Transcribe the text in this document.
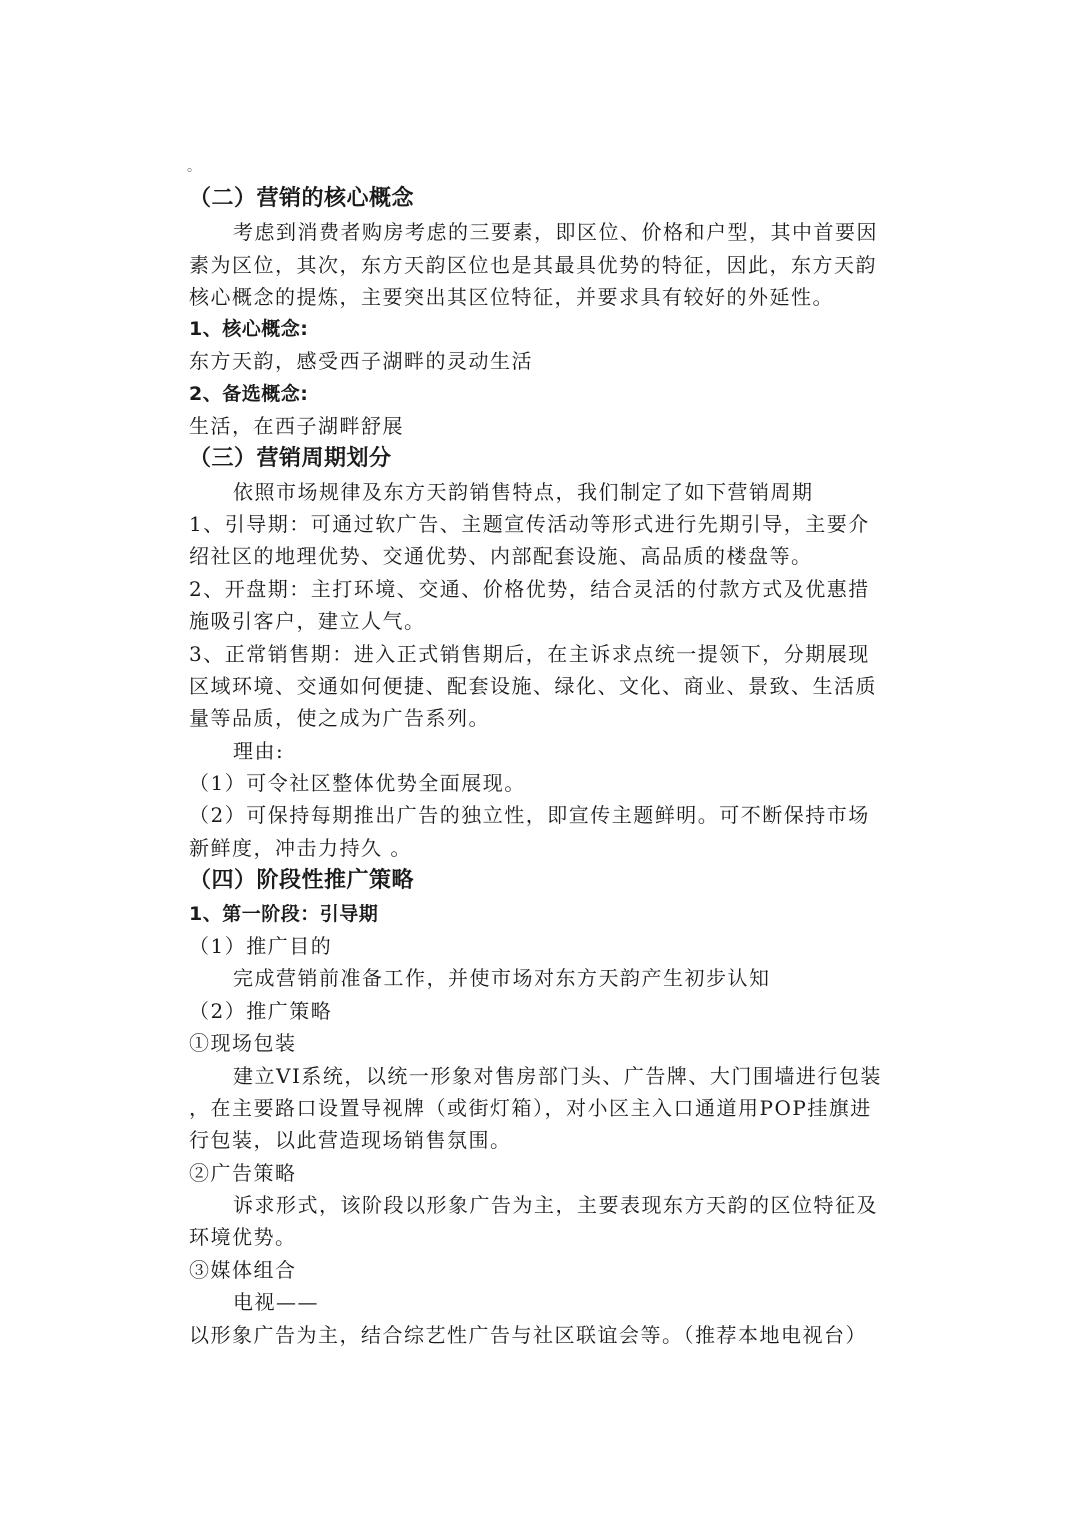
。
（二）营销的核心概念
考虑到消费者购房考虑的三要素，即区位、价格和户型，其中首要因
素为区位，其次，东方天韵区位也是其最具优势的特征，因此，东方天韵
核心概念的提炼，主要突出其区位特征，并要求具有较好的外延性。
1、核心概念:
东方天韵，感受西子湖畔的灵动生活
2、备选概念:
生活，在西子湖畔舒展
（三）营销周期划分
依照市场规律及东方天韵销售特点，我们制定了如下营销周期
1、引导期：可通过软广告、主题宣传活动等形式进行先期引导，主要介
绍社区的地理优势、交通优势、内部配套设施、高品质的楼盘等。
2、开盘期：主打环境、交通、价格优势，结合灵活的付款方式及优惠措
施吸引客户，建立人气。
3、正常销售期：进入正式销售期后，在主诉求点统一提领下，分期展现
区域环境、交通如何便捷、配套设施、绿化、文化、商业、景致、生活质
量等品质，使之成为广告系列。
理由:
（1）可令社区整体优势全面展现。
（2）可保持每期推出广告的独立性，即宣传主题鲜明。可不断保持市场
新鲜度，冲击力持久 。
（四）阶段性推广策略
1、第一阶段：引导期
（1）推广目的
完成营销前准备工作，并使市场对东方天韵产生初步认知
（2）推广策略
①现场包装
建立VI系统，以统一形象对售房部门头、广告牌、大门围墙进行包装
，在主要路口设置导视牌（或街灯箱），对小区主入口通道用POP挂旗进
行包装，以此营造现场销售氛围。
②广告策略
诉求形式，该阶段以形象广告为主，主要表现东方天韵的区位特征及
环境优势。
③媒体组合
电视——
以形象广告为主，结合综艺性广告与社区联谊会等。（推荐本地电视台）
